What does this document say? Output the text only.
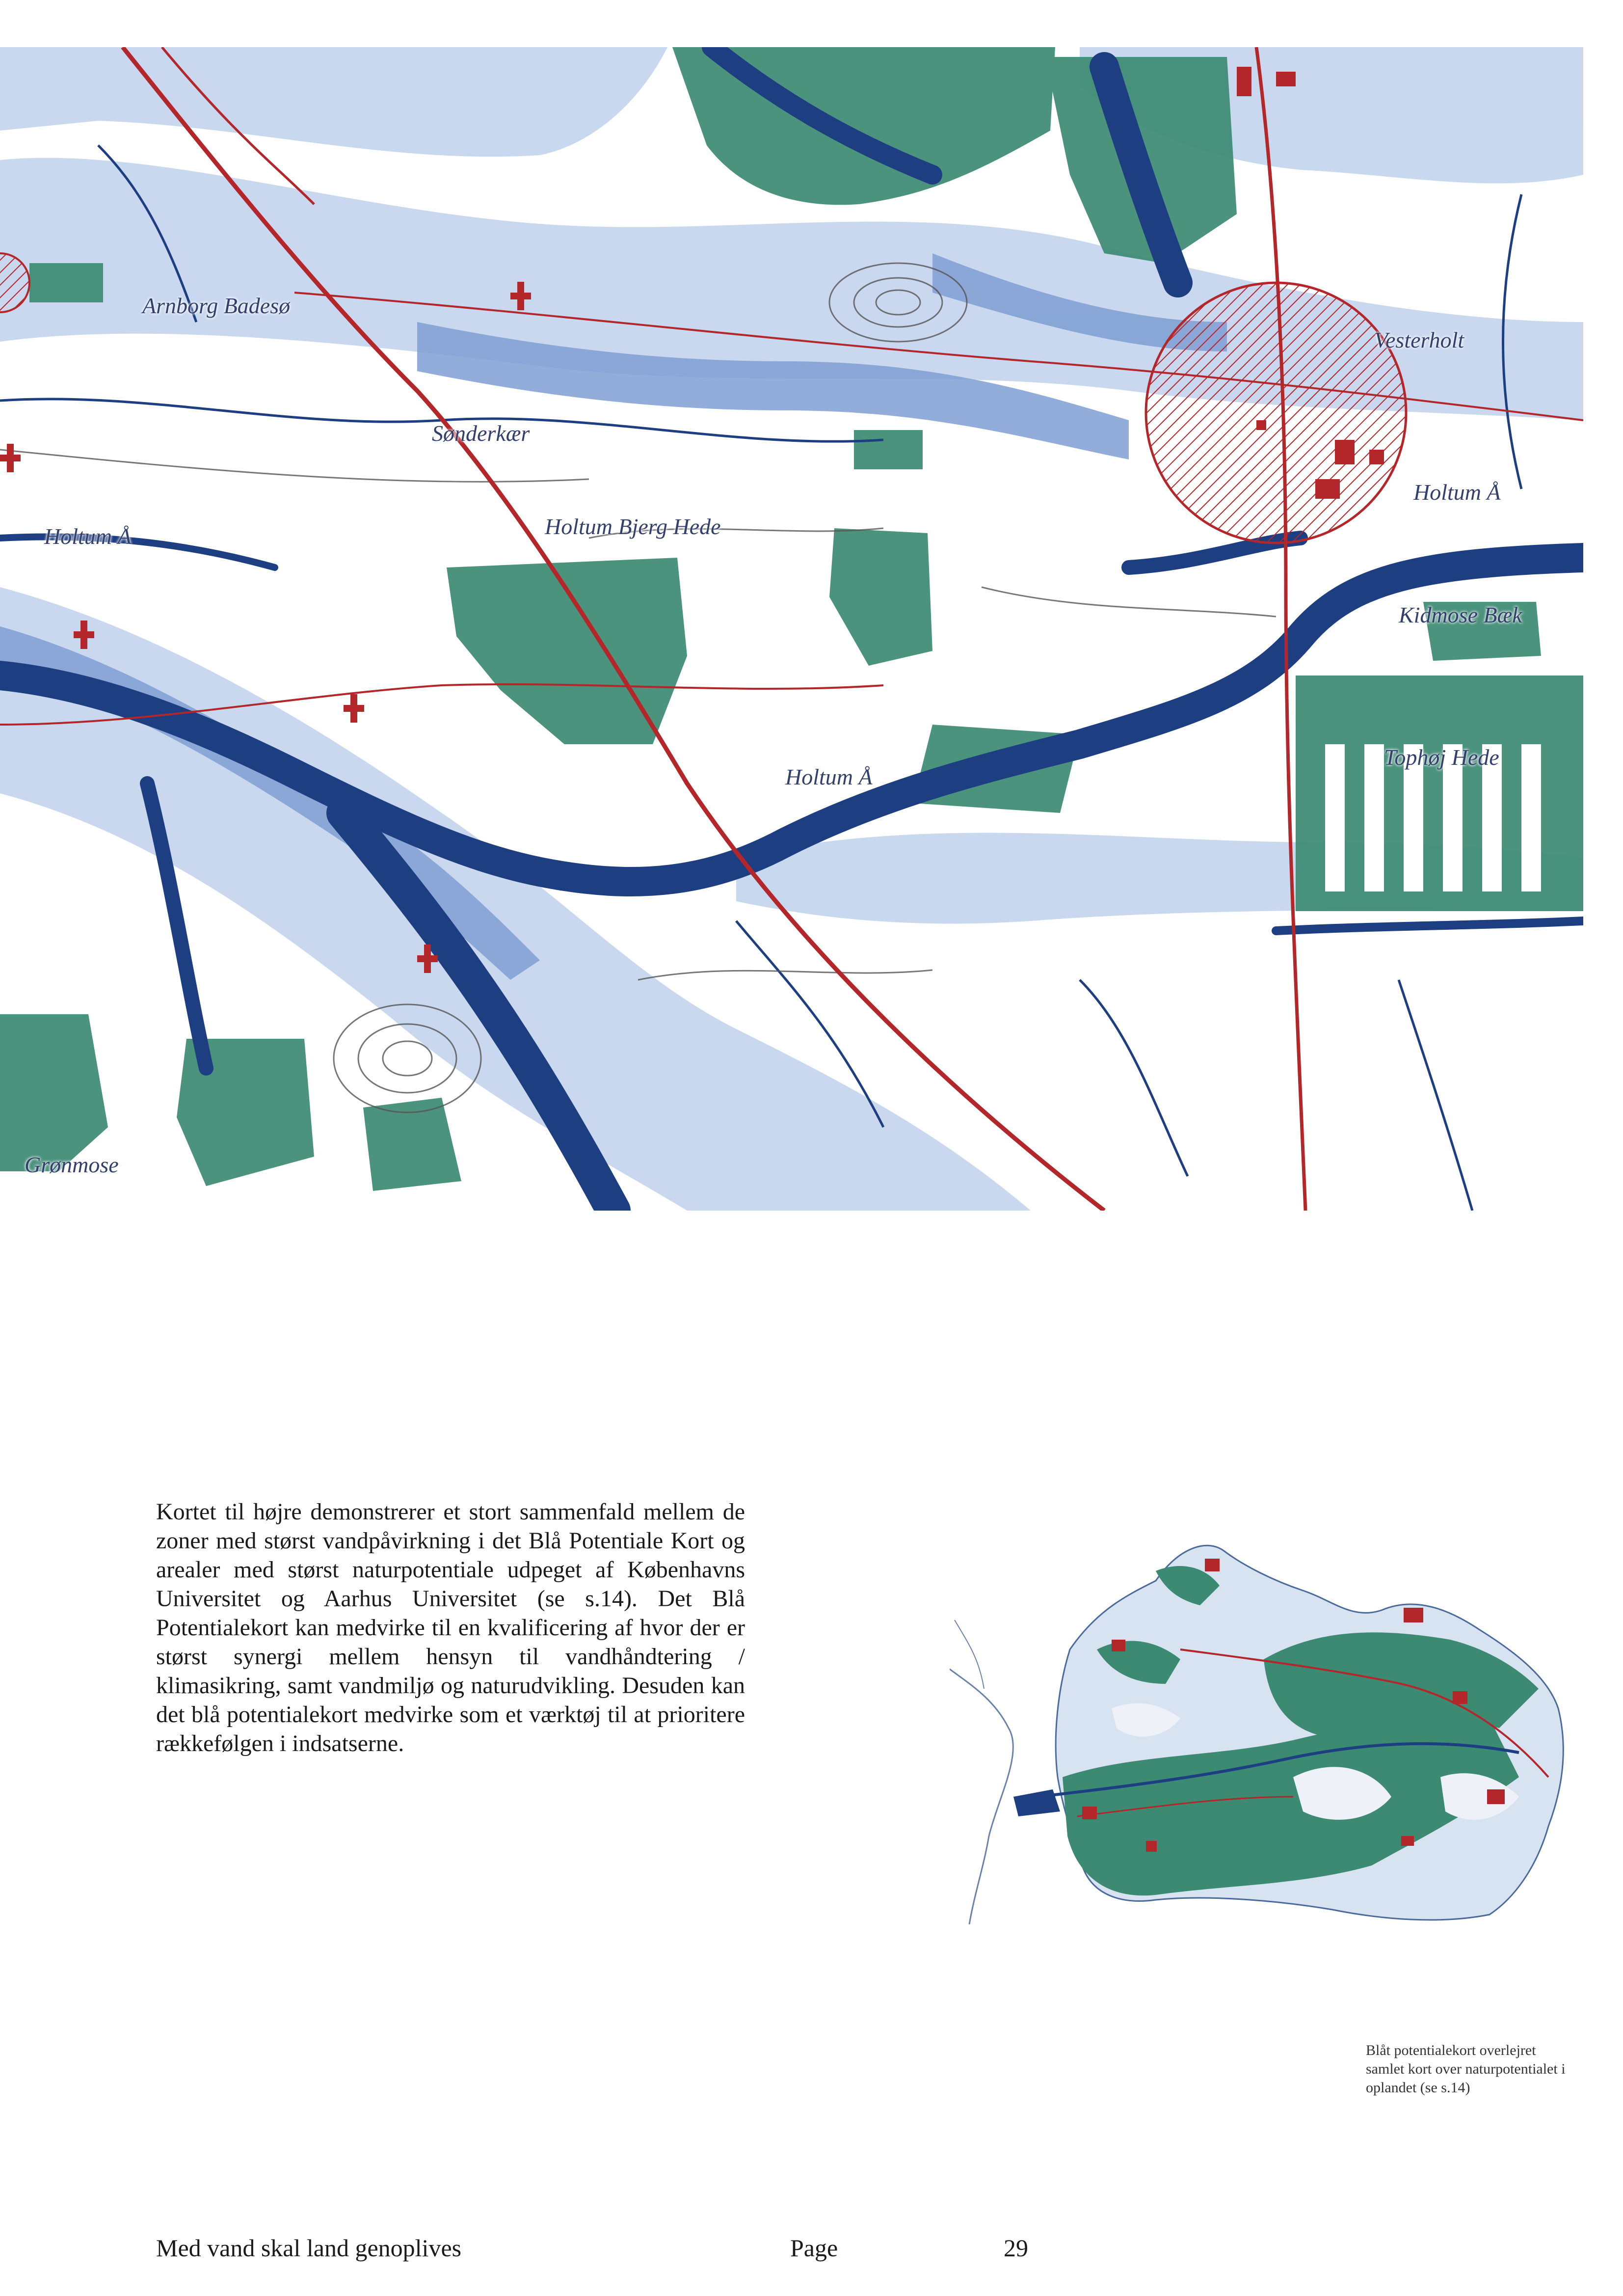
Arnborg Badesø
Sønderkær
Holtum Å	Holtum Bjerg Hede
Holtum Å
Kidmose Bæk
Holtum Å
Tophøj Hede
Grønmose
Vesterholt

Kortet til højre demonstrerer et stort sammenfald mellem de zoner med størst vandpåvirkning i det Blå Potentiale Kort og arealer med størst naturpotentiale udpeget af Københavns Universitet og Aarhus Universitet (se s.14). Det Blå Potentialekort kan medvirke til en kvalificering af hvor der er størst synergi mellem hensyn til vandhåndtering / klimasikring, samt vandmiljø og naturudvikling. Desuden kan det blå potentialekort medvirke som et værktøj til at prioritere rækkefølgen i indsatserne.

Blåt potentialekort overlejret samlet kort over naturpotentialet i oplandet (se s.14)
Med vand skal land genoplives	Page	29
